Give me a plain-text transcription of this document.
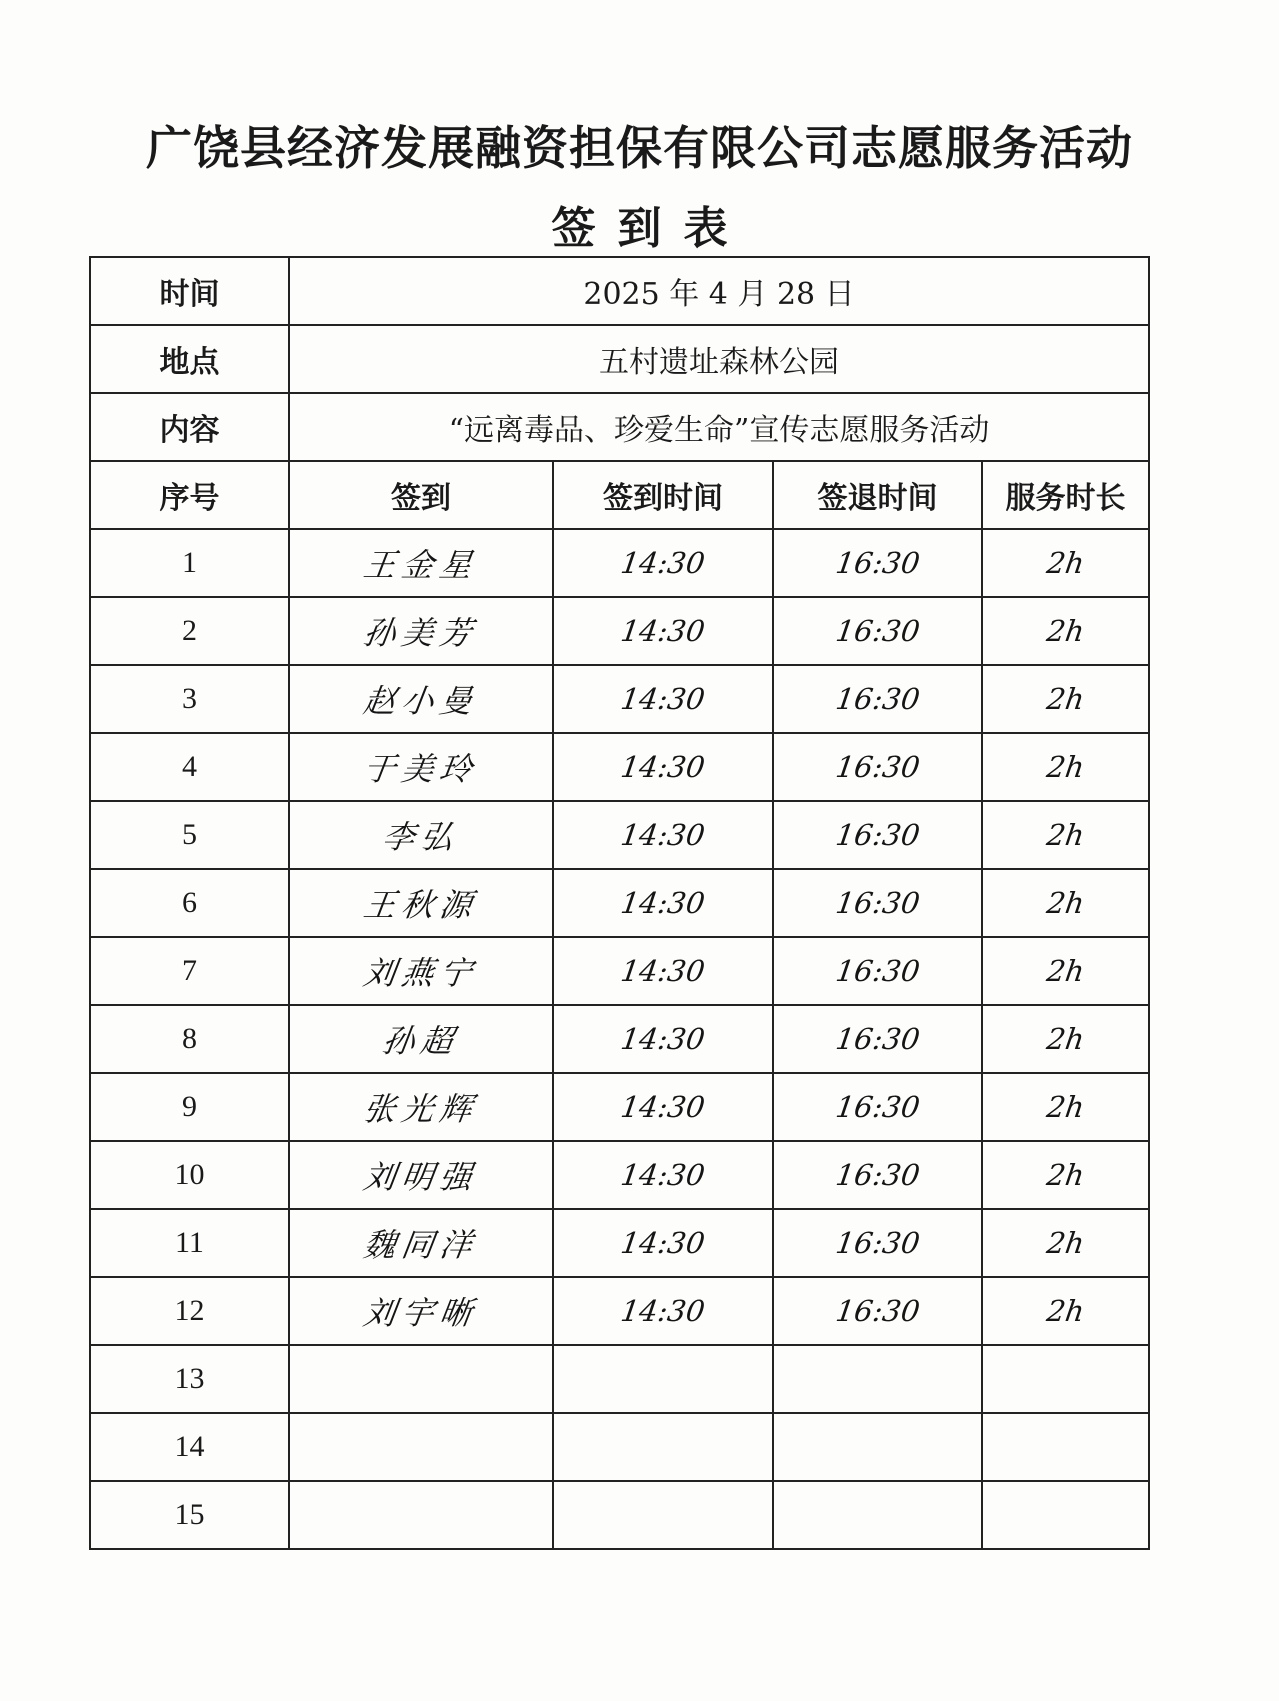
广饶县经济发展融资担保有限公司志愿服务活动
签到表
时间	2025 年 4 月 28 日			
地点	五村遗址森林公园			
内容	“远离毒品、珍爱生命”宣传志愿服务活动			
序号	签到	签到时间	签退时间	服务时长
1	王金星	14:30	16:30	2h
2	孙美芳	14:30	16:30	2h
3	赵小曼	14:30	16:30	2h
4	于美玲	14:30	16:30	2h
5	李弘	14:30	16:30	2h
6	王秋源	14:30	16:30	2h
7	刘燕宁	14:30	16:30	2h
8	孙超	14:30	16:30	2h
9	张光辉	14:30	16:30	2h
10	刘明强	14:30	16:30	2h
11	魏同洋	14:30	16:30	2h
12	刘宇晰	14:30	16:30	2h
13				
14				
15				
